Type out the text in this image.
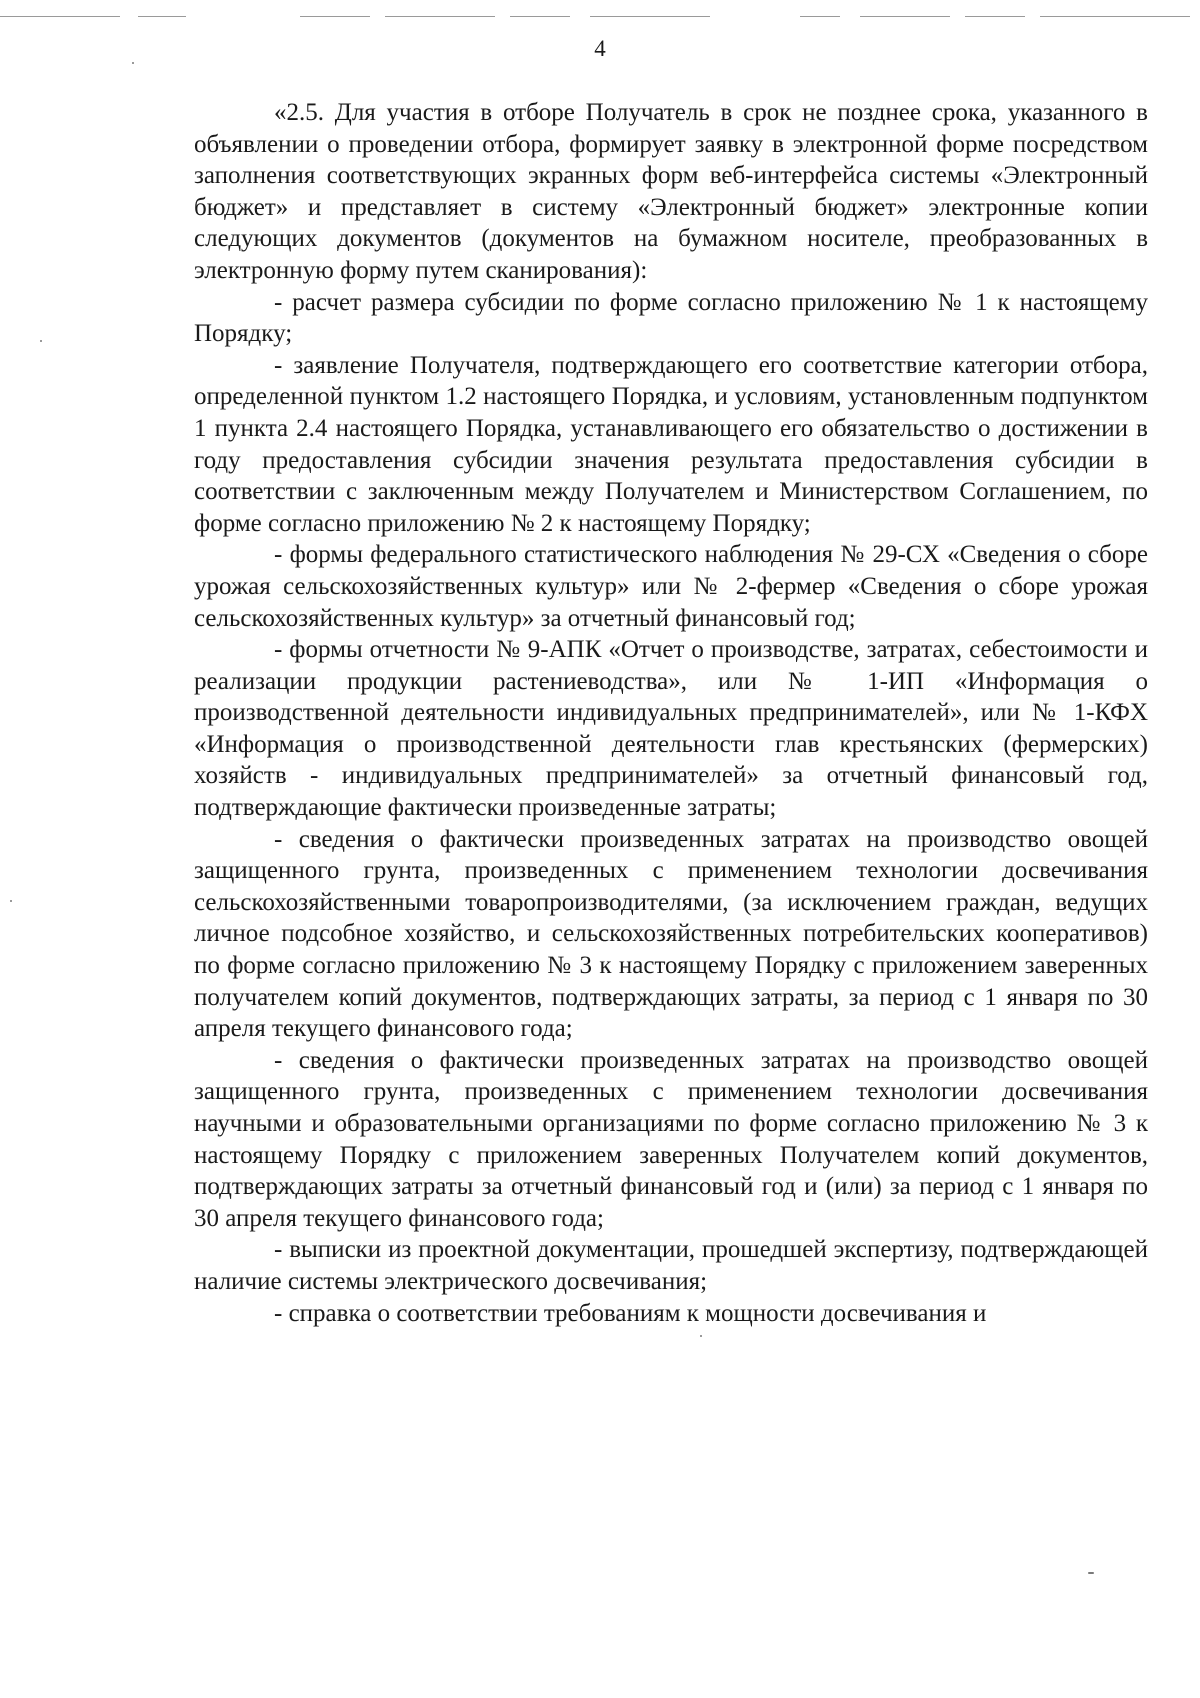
4

«2.5. Для участия в отборе Получатель в срок не позднее срока, указанного в объявлении о проведении отбора, формирует заявку в электронной форме посредством заполнения соответствующих экранных форм веб-интерфейса системы «Электронный бюджет» и представляет в систему «Электронный бюджет» электронные копии следующих документов (документов на бумажном носителе, преобразованных в электронную форму путем сканирования):

- расчет размера субсидии по форме согласно приложению № 1 к настоящему Порядку;

- заявление Получателя, подтверждающего его соответствие категории отбора, определенной пунктом 1.2 настоящего Порядка, и условиям, установленным подпунктом 1 пункта 2.4 настоящего Порядка, устанавливающего его обязательство о достижении в году предоставления субсидии значения результата предоставления субсидии в соответствии с заключенным между Получателем и Министерством Соглашением, по форме согласно приложению № 2 к настоящему Порядку;

- формы федерального статистического наблюдения № 29-СХ «Сведения о сборе урожая сельскохозяйственных культур» или № 2-фермер «Сведения о сборе урожая сельскохозяйственных культур» за отчетный финансовый год;

- формы отчетности № 9-АПК «Отчет о производстве, затратах, себестоимости и реализации продукции растениеводства», или № 1-ИП «Информация о производственной деятельности индивидуальных предпринимателей», или № 1-КФХ «Информация о производственной деятельности глав крестьянских (фермерских) хозяйств - индивидуальных предпринимателей» за отчетный финансовый год, подтверждающие фактически произведенные затраты;

- сведения о фактически произведенных затратах на производство овощей защищенного грунта, произведенных с применением технологии досвечивания сельскохозяйственными товаропроизводителями, (за исключением граждан, ведущих личное подсобное хозяйство, и сельскохозяйственных потребительских кооперативов) по форме согласно приложению № 3 к настоящему Порядку с приложением заверенных получателем копий документов, подтверждающих затраты, за период с 1 января по 30 апреля текущего финансового года;

- сведения о фактически произведенных затратах на производство овощей защищенного грунта, произведенных с применением технологии досвечивания научными и образовательными организациями по форме согласно приложению № 3 к настоящему Порядку с приложением заверенных Получателем копий документов, подтверждающих затраты за отчетный финансовый год и (или) за период с 1 января по 30 апреля текущего финансового года;

- выписки из проектной документации, прошедшей экспертизу, подтверждающей наличие системы электрического досвечивания;

- справка о соответствии требованиям к мощности досвечивания и
